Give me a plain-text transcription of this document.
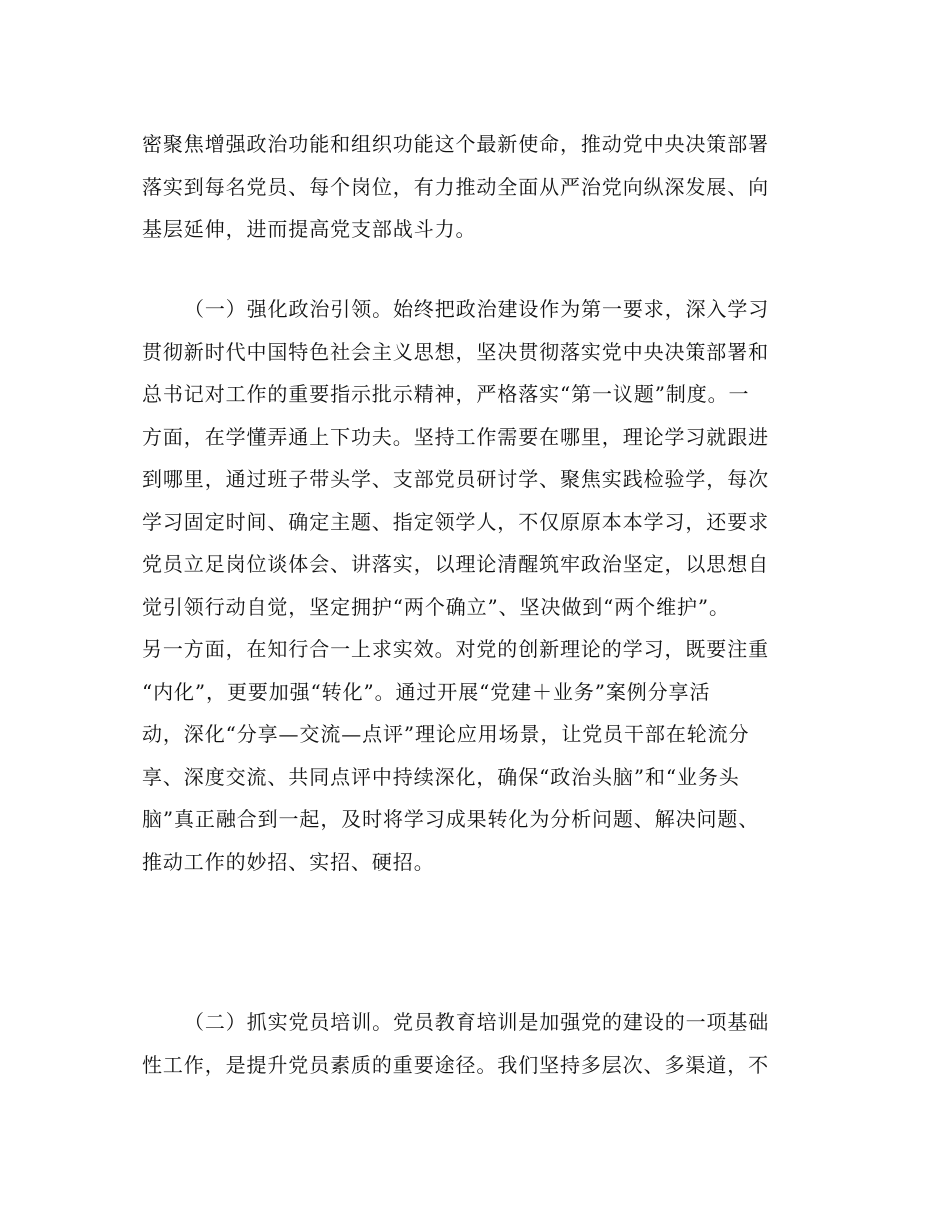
密聚焦增强政治功能和组织功能这个最新使命，推动党中央决策部署
落实到每名党员、每个岗位，有力推动全面从严治党向纵深发展、向
基层延伸，进而提高党支部战斗力。
（一）强化政治引领。始终把政治建设作为第一要求，深入学习
贯彻新时代中国特色社会主义思想，坚决贯彻落实党中央决策部署和
总书记对工作的重要指示批示精神，严格落实“第一议题”制度。一
方面，在学懂弄通上下功夫。坚持工作需要在哪里，理论学习就跟进
到哪里，通过班子带头学、支部党员研讨学、聚焦实践检验学，每次
学习固定时间、确定主题、指定领学人，不仅原原本本学习，还要求
党员立足岗位谈体会、讲落实，以理论清醒筑牢政治坚定，以思想自
觉引领行动自觉，坚定拥护“两个确立”、坚决做到“两个维护”。
另一方面，在知行合一上求实效。对党的创新理论的学习，既要注重
“内化”，更要加强“转化”。通过开展“党建＋业务”案例分享活
动，深化“分享—交流—点评”理论应用场景，让党员干部在轮流分
享、深度交流、共同点评中持续深化，确保“政治头脑”和“业务头
脑”真正融合到一起，及时将学习成果转化为分析问题、解决问题、
推动工作的妙招、实招、硬招。
（二）抓实党员培训。党员教育培训是加强党的建设的一项基础
性工作，是提升党员素质的重要途径。我们坚持多层次、多渠道，不
